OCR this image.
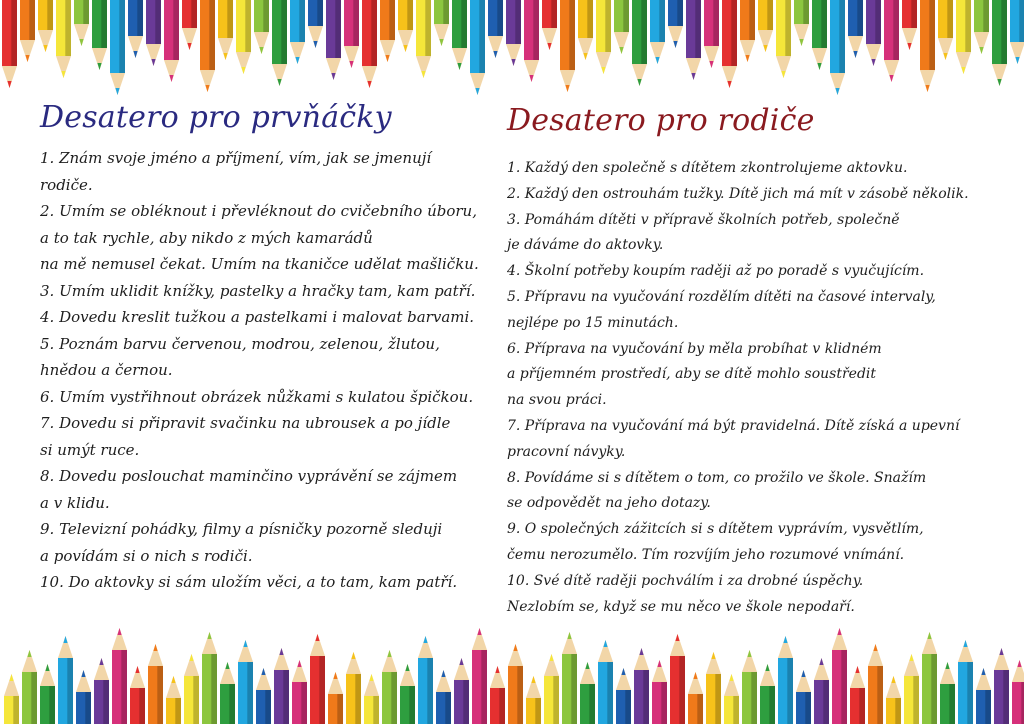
Desatero pro prvňáčky
1. Znám svoje jméno a příjmení, vím, jak se jmenují
rodiče.
2. Umím se obléknout i převléknout do cvičebního úboru,
a to tak rychle, aby nikdo z mých kamarádů
na mě nemusel čekat. Umím na tkaničce udělat mašličku.
3. Umím uklidit knížky, pastelky a hračky tam, kam patří.
4. Dovedu kreslit tužkou a pastelkami i malovat barvami.
5. Poznám barvu červenou, modrou, zelenou, žlutou,
hnědou a černou.
6. Umím vystřihnout obrázek nůžkami s kulatou špičkou.
7. Dovedu si připravit svačinku na ubrousek a po jídle
si umýt ruce.
8. Dovedu poslouchat maminčino vyprávění se zájmem
a v klidu.
9. Televizní pohádky, filmy a písničky pozorně sleduji
a povídám si o nich s rodiči.
10. Do aktovky si sám uložím věci, a to tam, kam patří.
Desatero pro rodiče
1. Každý den společně s dítětem zkontrolujeme aktovku.
2. Každý den ostrouhám tužky. Dítě jich má mít v zásobě několik.
3. Pomáhám dítěti v přípravě školních potřeb, společně
je dáváme do aktovky.
4. Školní potřeby koupím raději až po poradě s vyučujícím.
5. Přípravu na vyučování rozdělím dítěti na časové intervaly,
nejlépe po 15 minutách.
6. Příprava na vyučování by měla probíhat v klidném
a příjemném prostředí, aby se dítě mohlo soustředit
na svou práci.
7. Příprava na vyučování má být pravidelná. Dítě získá a upevní
pracovní návyky.
8. Povídáme si s dítětem o tom, co prožilo ve škole. Snažím
se odpovědět na jeho dotazy.
9. O společných zážitcích si s dítětem vyprávím, vysvětlím,
čemu nerozumělo. Tím rozvíjím jeho rozumové vnímání.
10. Své dítě raději pochválím i za drobné úspěchy.
Nezlobím se, když se mu něco ve škole nepodaří.
